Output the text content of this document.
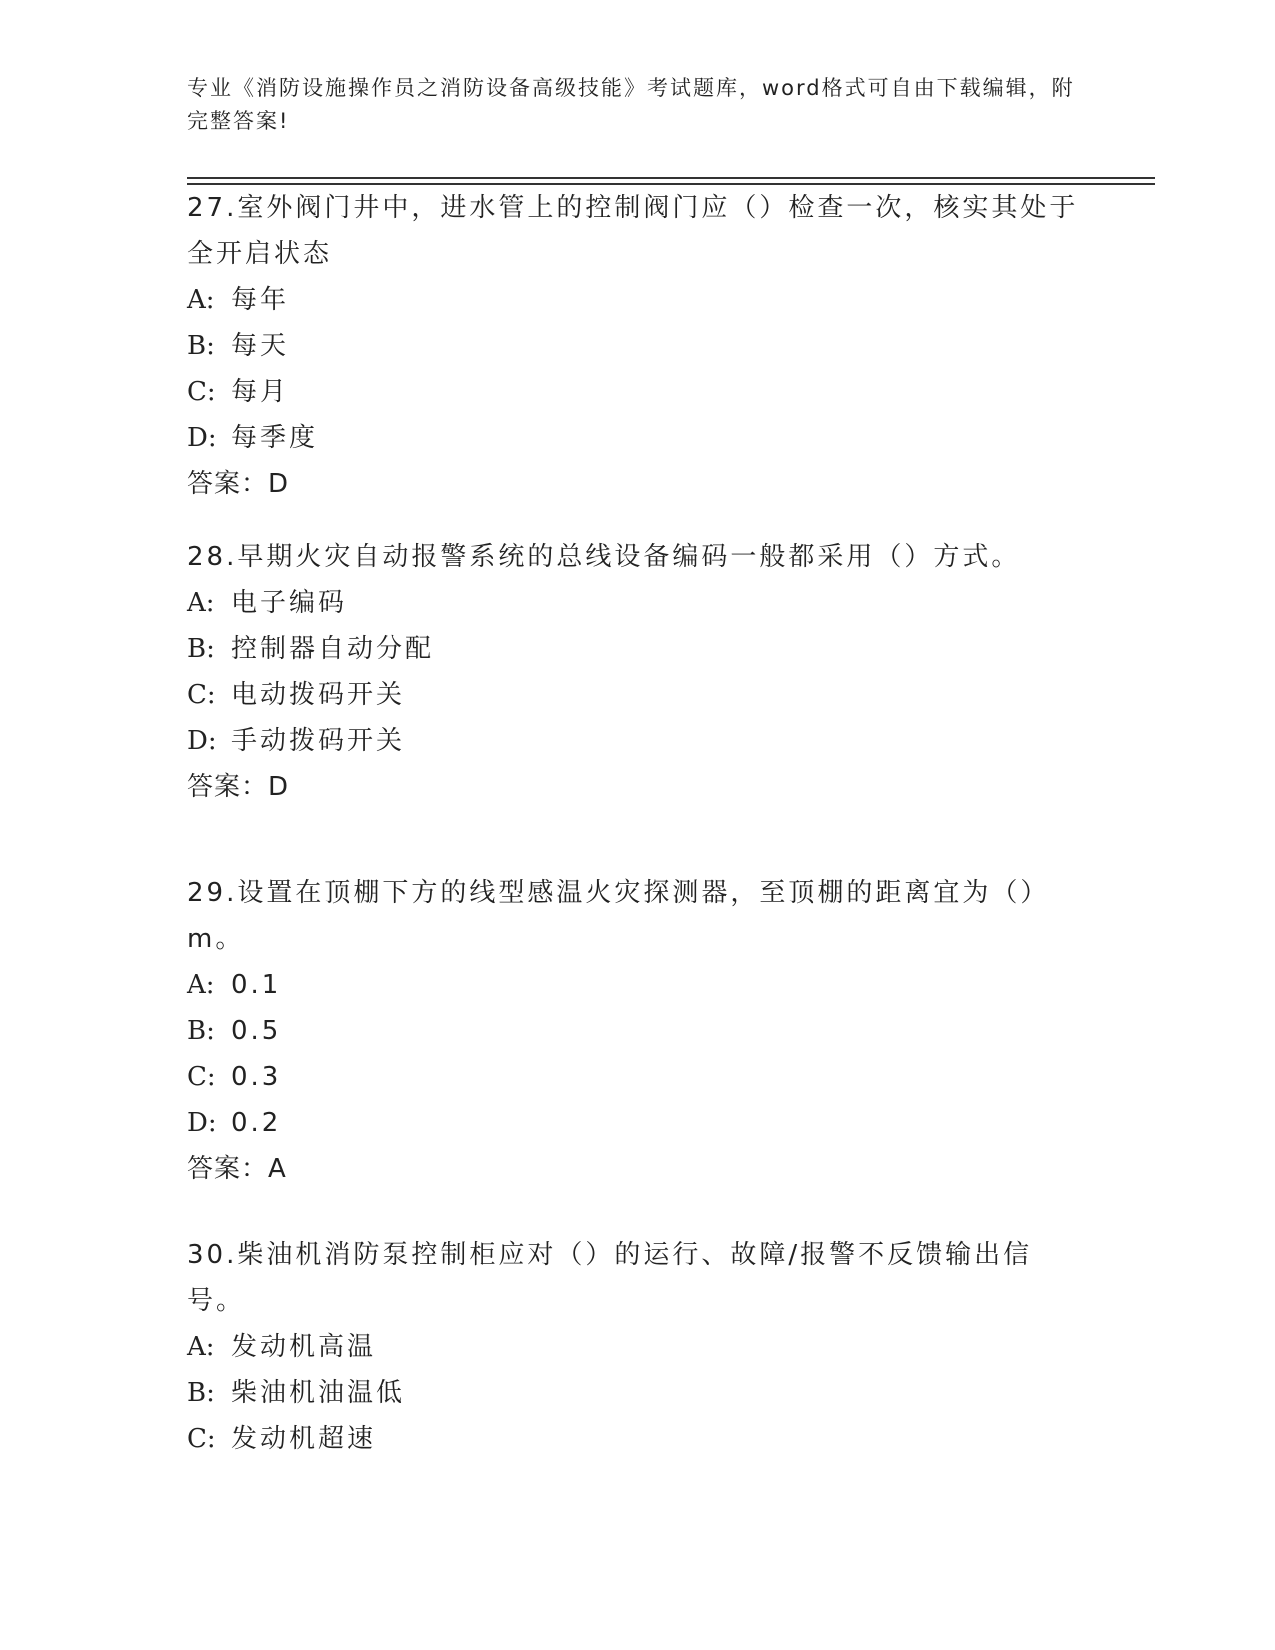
专业《消防设施操作员之消防设备高级技能》考试题库，word格式可自由下载编辑，附完整答案!

27.室外阀门井中，进水管上的控制阀门应（）检查一次，核实其处于全开启状态

A: 每年

B: 每天

C: 每月

D: 每季度

答案：D

28.早期火灾自动报警系统的总线设备编码一般都采用（）方式。

A: 电子编码

B: 控制器自动分配

C: 电动拨码开关

D: 手动拨码开关

答案：D

29.设置在顶棚下方的线型感温火灾探测器，至顶棚的距离宜为（）m。

A: 0.1

B: 0.5

C: 0.3

D: 0.2

答案：A

30.柴油机消防泵控制柜应对（）的运行、故障/报警不反馈输出信号。

A: 发动机高温

B: 柴油机油温低

C: 发动机超速
